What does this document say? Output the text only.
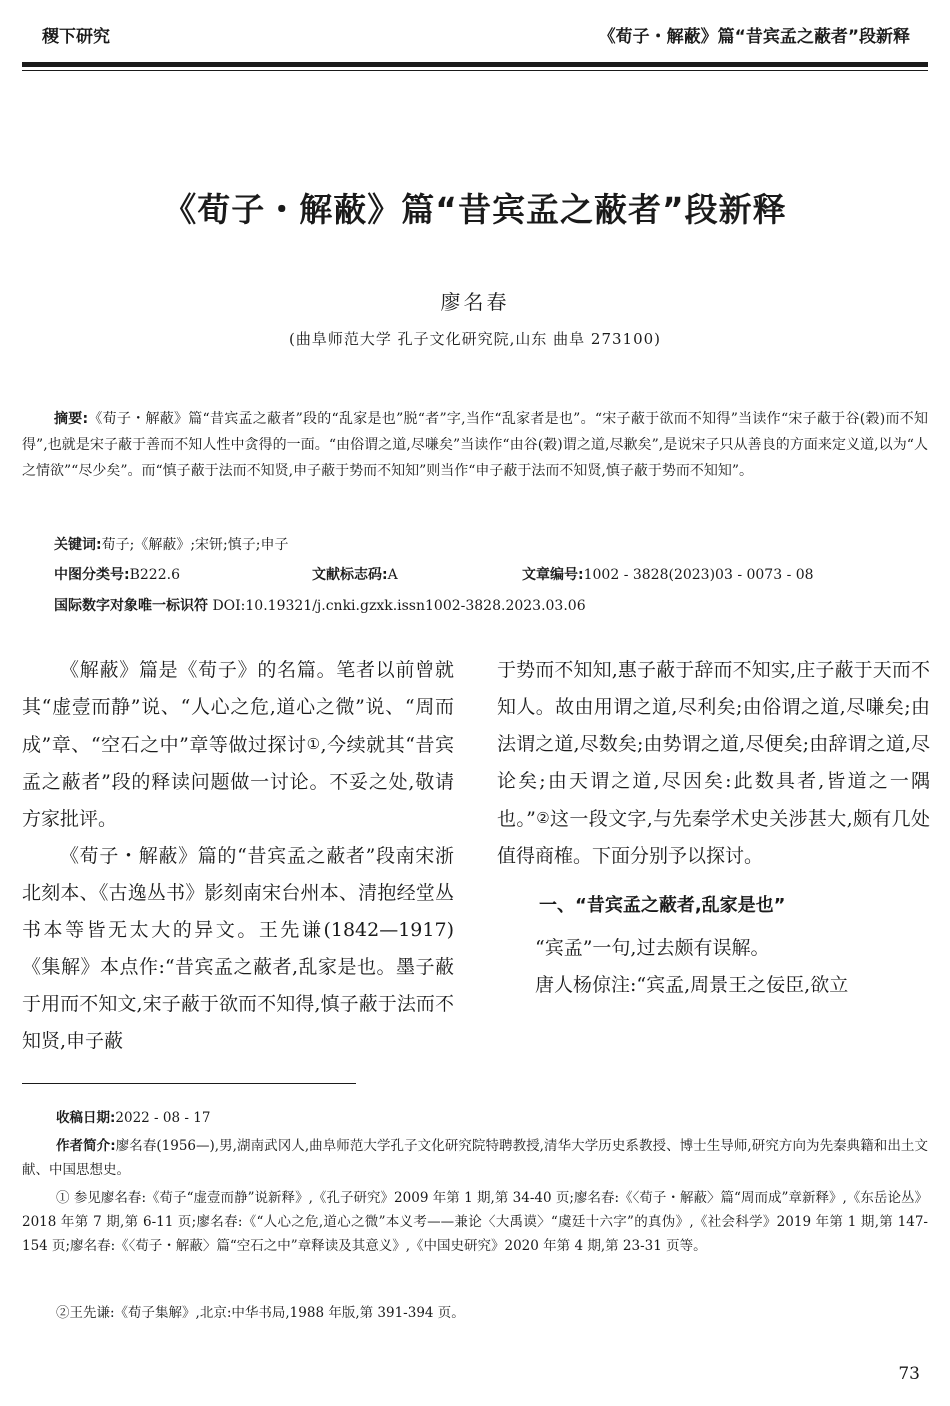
稷下研究	《荀子・解蔽》篇“昔宾孟之蔽者”段新释
《荀子・解蔽》篇“昔宾孟之蔽者”段新释
廖名春
(曲阜师范大学 孔子文化研究院,山东 曲阜 273100)
摘要:《荀子・解蔽》篇“昔宾孟之蔽者”段的“乱家是也”脱“者”字,当作“乱家者是也”。“宋子蔽于欲而不知得”当读作“宋子蔽于谷(穀)而不知得”,也就是宋子蔽于善而不知人性中贪得的一面。“由俗谓之道,尽嗛矣”当读作“由谷(穀)谓之道,尽歉矣”,是说宋子只从善良的方面来定义道,以为“人之情欲”“尽少矣”。而“慎子蔽于法而不知贤,申子蔽于势而不知知”则当作“申子蔽于法而不知贤,慎子蔽于势而不知知”。
关键词:荀子;《解蔽》;宋钘;慎子;申子
中图分类号:B222.6	文献标志码:A	文章编号:1002 - 3828(2023)03 - 0073 - 08
国际数字对象唯一标识符 DOI:10.19321/j.cnki.gzxk.issn1002-3828.2023.03.06

《解蔽》篇是《荀子》的名篇。笔者以前曾就其“虚壹而静”说、“人心之危,道心之微”说、“周而成”章、“空石之中”章等做过探讨①,今续就其“昔宾孟之蔽者”段的释读问题做一讨论。不妥之处,敬请方家批评。

《荀子・解蔽》篇的“昔宾孟之蔽者”段南宋浙北刻本、《古逸丛书》影刻南宋台州本、清抱经堂丛书本等皆无太大的异文。王先谦(1842—1917)《集解》本点作:“昔宾孟之蔽者,乱家是也。墨子蔽于用而不知文,宋子蔽于欲而不知得,慎子蔽于法而不知贤,申子蔽

于势而不知知,惠子蔽于辞而不知实,庄子蔽于天而不知人。故由用谓之道,尽利矣;由俗谓之道,尽嗛矣;由法谓之道,尽数矣;由势谓之道,尽便矣;由辞谓之道,尽论矣;由天谓之道,尽因矣:此数具者,皆道之一隅也。”②这一段文字,与先秦学术史关涉甚大,颇有几处值得商榷。下面分别予以探讨。

一、“昔宾孟之蔽者,乱家是也”

“宾孟”一句,过去颇有误解。

唐人杨倞注:“宾孟,周景王之佞臣,欲立

收稿日期:2022 - 08 - 17
作者简介:廖名春(1956—),男,湖南武冈人,曲阜师范大学孔子文化研究院特聘教授,清华大学历史系教授、博士生导师,研究方向为先秦典籍和出土文献、中国思想史。
① 参见廖名春:《荀子“虚壹而静”说新释》,《孔子研究》2009 年第 1 期,第 34-40 页;廖名春:《〈荀子・解蔽〉篇“周而成”章新释》,《东岳论丛》2018 年第 7 期,第 6-11 页;廖名春:《“人心之危,道心之微”本义考——兼论〈大禹谟〉“虞廷十六字”的真伪》,《社会科学》2019 年第 1 期,第 147-154 页;廖名春:《〈荀子・解蔽〉篇“空石之中”章释读及其意义》,《中国史研究》2020 年第 4 期,第 23-31 页等。
②王先谦:《荀子集解》,北京:中华书局,1988 年版,第 391-394 页。
73
